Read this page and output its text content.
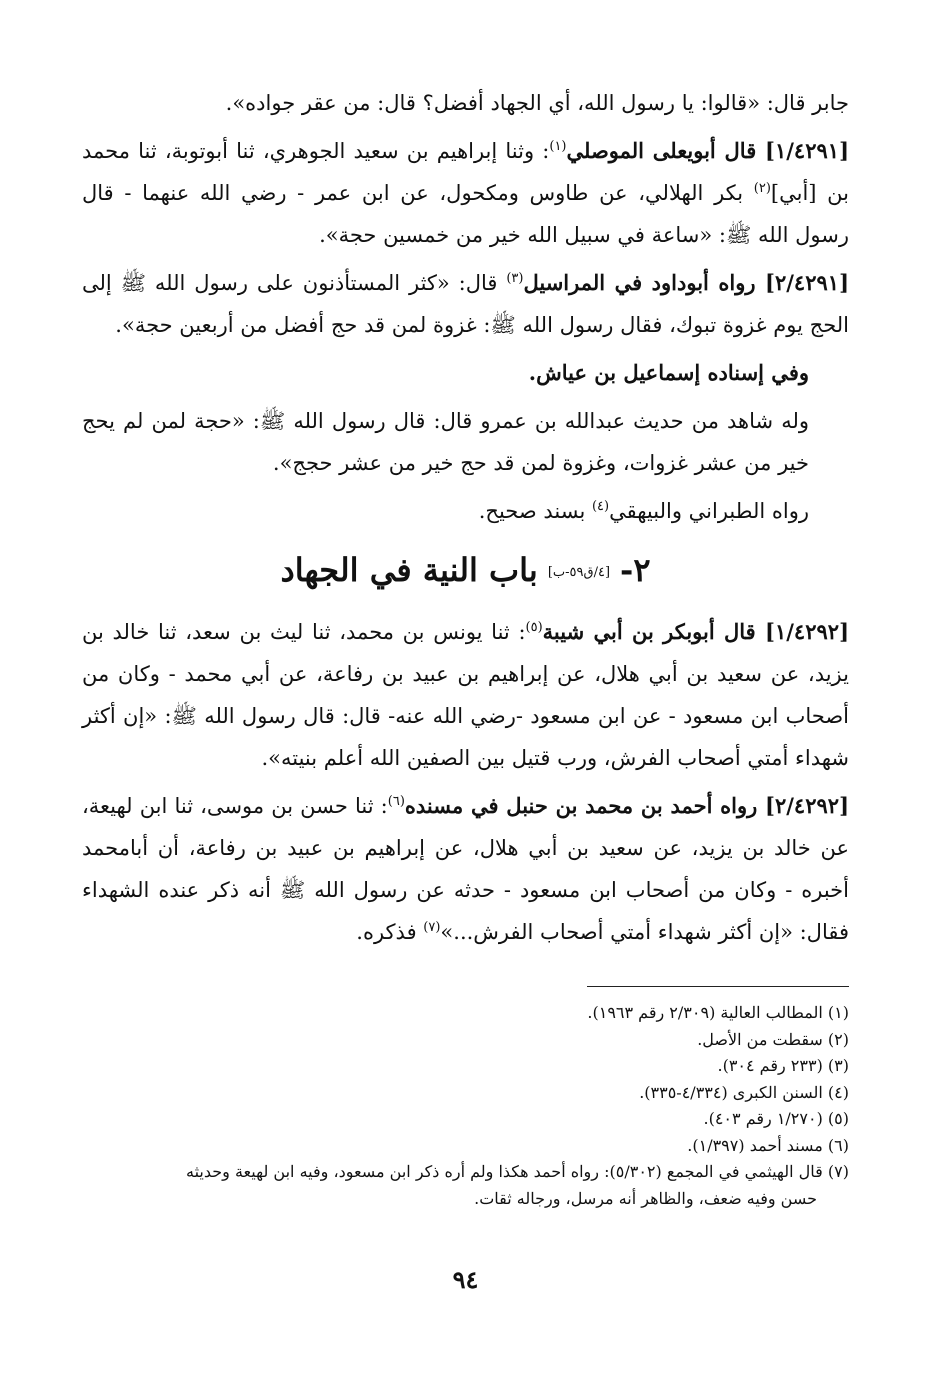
جابر قال: «قالوا: يا رسول الله، أي الجهاد أفضل؟ قال: من عقر جواده».

[١/٤٢٩١] قال أبويعلى الموصلي$^{(١)}$: وثنا إبراهيم بن سعيد الجوهري، ثنا أبوتوبة، ثنا محمد بن [أبي]$^{(٢)}$ بكر الهلالي، عن طاوس ومكحول، عن ابن عمر - رضي الله عنهما - قال رسول الله ﷺ: «ساعة في سبيل الله خير من خمسين حجة».

[٢/٤٢٩١] رواه أبوداود في المراسيل$^{(٣)}$ قال: «كثر المستأذنون على رسول الله ﷺ إلى الحج يوم غزوة تبوك، فقال رسول الله ﷺ: غزوة لمن قد حج أفضل من أربعين حجة».

وفي إسناده إسماعيل بن عياش.

وله شاهد من حديث عبدالله بن عمرو قال: قال رسول الله ﷺ: «حجة لمن لم يحج خير من عشر غزوات، وغزوة لمن قد حج خير من عشر حجج».

رواه الطبراني والبيهقي$^{(٤)}$ بسند صحيح.

٢-[٤/ق٥٩-ب]باب النية في الجهاد

[١/٤٢٩٢] قال أبوبكر بن أبي شيبة$^{(٥)}$: ثنا يونس بن محمد، ثنا ليث بن سعد، ثنا خالد بن يزيد، عن سعيد بن أبي هلال، عن إبراهيم بن عبيد بن رفاعة، عن أبي محمد - وكان من أصحاب ابن مسعود - عن ابن مسعود -رضي الله عنه- قال: قال رسول الله ﷺ: «إن أكثر شهداء أمتي أصحاب الفرش، ورب قتيل بين الصفين الله أعلم بنيته».

[٢/٤٢٩٢] رواه أحمد بن محمد بن حنبل في مسنده$^{(٦)}$: ثنا حسن بن موسى، ثنا ابن لهيعة، عن خالد بن يزيد، عن سعيد بن أبي هلال، عن إبراهيم بن عبيد بن رفاعة، أن أبامحمد أخبره - وكان من أصحاب ابن مسعود - حدثه عن رسول الله ﷺ أنه ذكر عنده الشهداء فقال: «إن أكثر شهداء أمتي أصحاب الفرش...»$^{(٧)}$ فذكره.

(١) المطالب العالية (٢/٣٠٩ رقم ١٩٦٣).

(٢) سقطت من الأصل.

(٣) (٢٣٣ رقم ٣٠٤).

(٤) السنن الكبرى (٤/٣٣٤-٣٣٥).

(٥) (١/٢٧٠ رقم ٤٠٣).

(٦) مسند أحمد (١/٣٩٧).

(٧) قال الهيثمي في المجمع (٥/٣٠٢): رواه أحمد هكذا ولم أره ذكر ابن مسعود، وفيه ابن لهيعة وحديثه

حسن وفيه ضعف، والظاهر أنه مرسل، ورجاله ثقات.

٩٤
